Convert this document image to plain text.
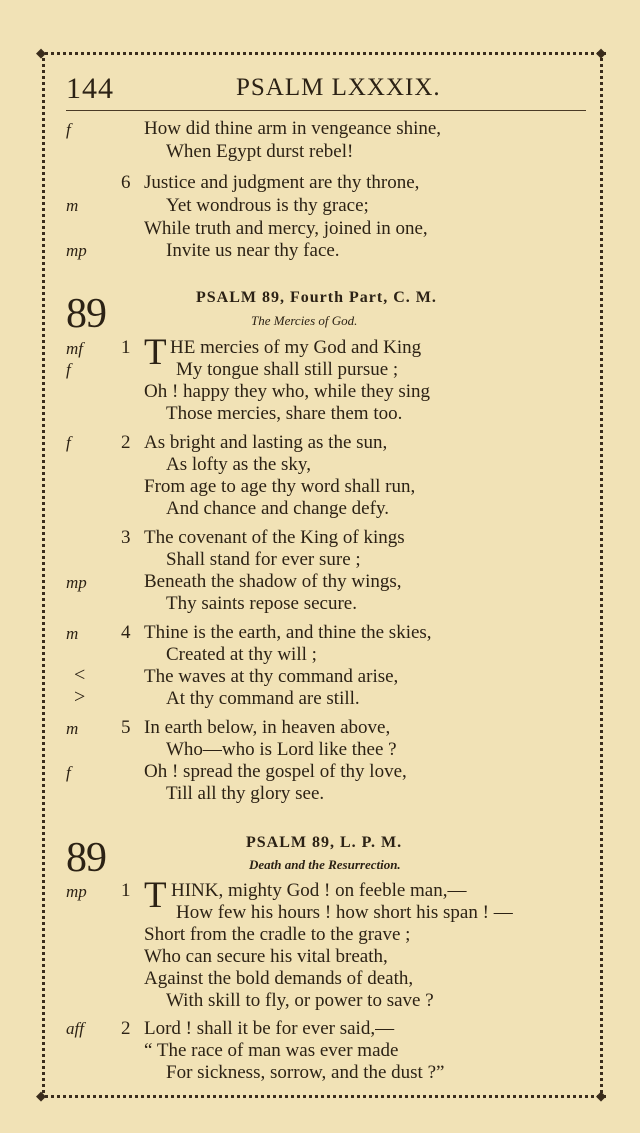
◆	◆
◆	◆
144	PSALM LXXXIX.
f	How did thine arm in vengeance shine,
When Egypt durst rebel!
6 Justice and judgment are thy throne,
m	Yet wondrous is thy grace;
While truth and mercy, joined in one,
mp	Invite us near thy face.
89	PSALM 89, Fourth Part, C. M.
The Mercies of God.
mf 1 T HE mercies of my God and King
f	My tongue shall still pursue ;
Oh ! happy they who, while they sing
Those mercies, share them too.
f	2 As bright and lasting as the sun,
As lofty as the sky,
From age to age thy word shall run,
And chance and change defy.
3 The covenant of the King of kings
Shall stand for ever sure ;
mp	Beneath the shadow of thy wings,
Thy saints repose secure.
m 4 Thine is the earth, and thine the skies,
Created at thy will ;
<	The waves at thy command arise,
>	At thy command are still.
m 5 In earth below, in heaven above,
Who—who is Lord like thee ?
f	Oh ! spread the gospel of thy love,
Till all thy glory see.
89	PSALM 89, L. P. M.
Death and the Resurrection.
mp 1 T HINK, mighty God ! on feeble man,—
How few his hours ! how short his span ! —
Short from the cradle to the grave ;
Who can secure his vital breath,
Against the bold demands of death,
With skill to fly, or power to save ?
aff 2 Lord ! shall it be for ever said,—
“ The race of man was ever made
For sickness, sorrow, and the dust ?”
